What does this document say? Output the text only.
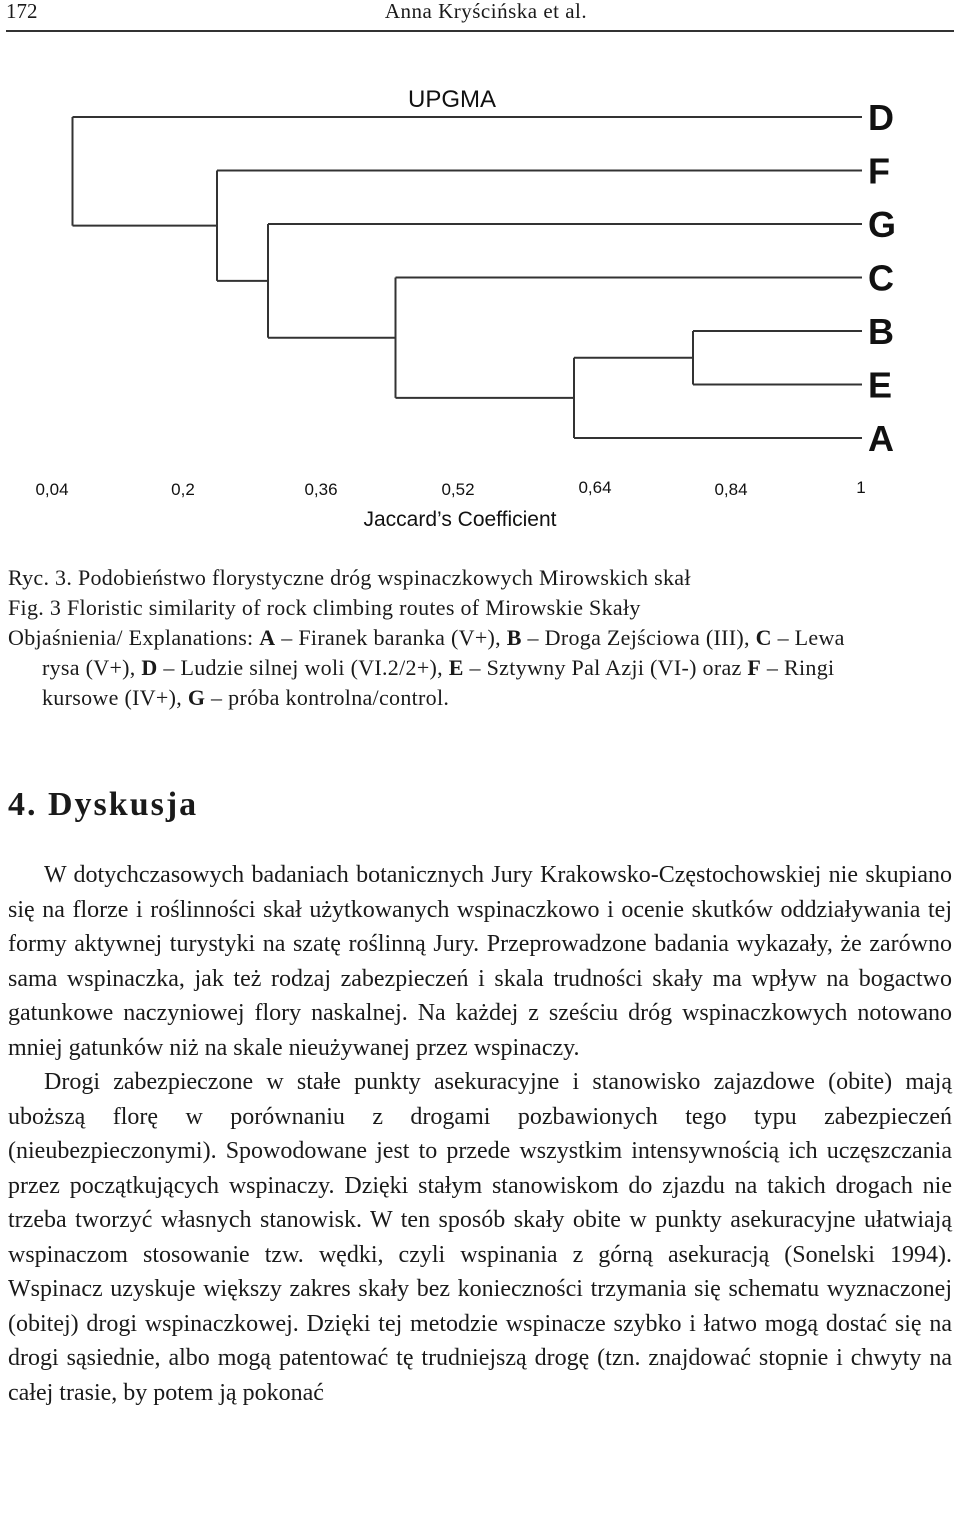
172	Anna Kryścińska et al.
UPGMA	D
F
G
C
B
E
A
0,04	0,2	0,36	0,52	0,64	0,84	1
Jaccard’s Coefficient

Ryc. 3. Podobieństwo florystyczne dróg wspinaczkowych Mirowskich skał

Fig. 3 Floristic similarity of rock climbing routes of Mirowskie Skały

Objaśnienia/ Explanations: A – Firanek baranka (V+), B – Droga Zejściowa (III), C – Lewa
rysa (V+), D – Ludzie silnej woli (VI.2/2+), E – Sztywny Pal Azji (VI-) oraz F – Ringi
kursowe (IV+), G – próba kontrolna/control.

4. Dyskusja

W dotychczasowych badaniach botanicznych Jury Krakowsko-Częstochowskiej nie skupiano się na florze i roślinności skał użytkowanych wspinaczkowo i ocenie skutków oddziaływania tej formy aktywnej turystyki na szatę roślinną Jury. Przeprowadzone badania wykazały, że zarówno sama wspinaczka, jak też rodzaj zabezpieczeń i skala trudności skały ma wpływ na bogactwo gatunkowe naczyniowej flory naskalnej. Na każdej z sześciu dróg wspinaczkowych notowano mniej gatunków niż na skale nieużywanej przez wspinaczy.

Drogi zabezpieczone w stałe punkty asekuracyjne i stanowisko zajazdowe (obite) mają uboższą florę w porównaniu z drogami pozbawionych tego typu zabezpieczeń (nieubezpieczonymi). Spowodowane jest to przede wszystkim intensywnością ich uczęszczania przez początkujących wspinaczy. Dzięki stałym stanowiskom do zjazdu na takich drogach nie trzeba tworzyć własnych stanowisk. W ten sposób skały obite w punkty asekuracyjne ułatwiają wspinaczom stosowanie tzw. wędki, czyli wspinania z górną asekuracją (Sonelski 1994). Wspinacz uzyskuje większy zakres skały bez konieczności trzymania się schematu wyznaczonej (obitej) drogi wspinaczkowej. Dzięki tej metodzie wspinacze szybko i łatwo mogą dostać się na drogi sąsiednie, albo mogą patentować tę trudniejszą drogę (tzn. znajdować stopnie i chwyty na całej trasie, by potem ją pokonać
